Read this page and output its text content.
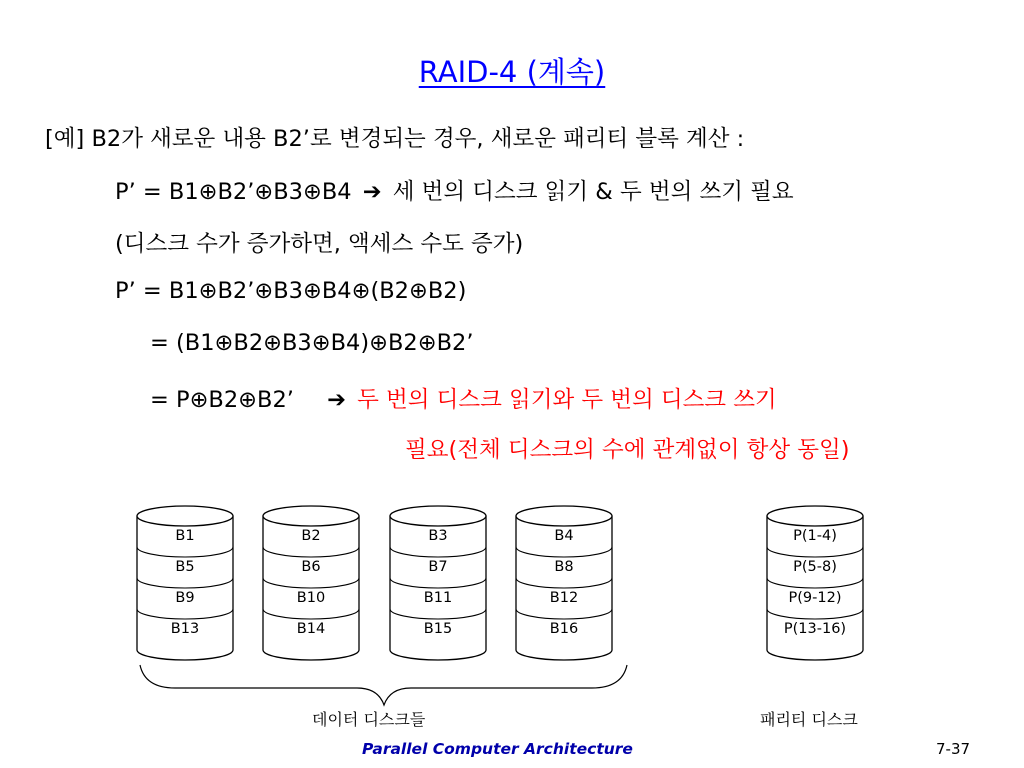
RAID-4 (계속)
[예] B2가 새로운 내용 B2’로 변경되는 경우, 새로운 패리티 블록 계산 :
P’ = B1⊕B2’⊕B3⊕B4 ➔ 세 번의 디스크 읽기 & 두 번의 쓰기 필요
(디스크 수가 증가하면, 액세스 수도 증가)
P’ = B1⊕B2’⊕B3⊕B4⊕(B2⊕B2)
= (B1⊕B2⊕B3⊕B4)⊕B2⊕B2’
= P⊕B2⊕B2’ ➔ 두 번의 디스크 읽기와 두 번의 디스크 쓰기
필요(전체 디스크의 수에 관계없이 항상 동일)
B1
B5
B9
B13
B2
B6
B10
B14
B3
B7
B11
B15
B4
B8
B12
B16
P(1-4)
P(5-8)
P(9-12)
P(13-16)
데이터 디스크들	패리티 디스크
Parallel Computer Architecture	7-37
